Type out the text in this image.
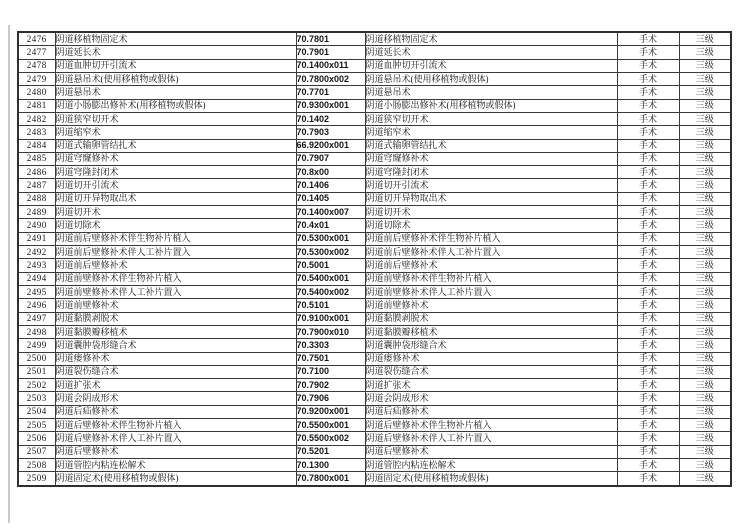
2476	阴道移植物固定术	70.7801	阴道移植物固定术	手术	三级
2477	阴道延长术	70.7901	阴道延长术	手术	三级
2478	阴道血肿切开引流术	70.1400x011	阴道血肿切开引流术	手术	三级
2479	阴道悬吊术(使用移植物或假体)	70.7800x002	阴道悬吊术(使用移植物或假体)	手术	三级
2480	阴道悬吊术	70.7701	阴道悬吊术	手术	三级
2481	阴道小肠膨出修补术(用移植物或假体)	70.9300x001	阴道小肠膨出修补术(用移植物或假体)	手术	三级
2482	阴道狭窄切开术	70.1402	阴道狭窄切开术	手术	三级
2483	阴道缩窄术	70.7903	阴道缩窄术	手术	三级
2484	阴道式输卵管结扎术	66.9200x001	阴道式输卵管结扎术	手术	三级
2485	阴道穹窿修补术	70.7907	阴道穹窿修补术	手术	三级
2486	阴道穹隆封闭术	70.8x00	阴道穹隆封闭术	手术	三级
2487	阴道切开引流术	70.1406	阴道切开引流术	手术	三级
2488	阴道切开异物取出术	70.1405	阴道切开异物取出术	手术	三级
2489	阴道切开术	70.1400x007	阴道切开术	手术	三级
2490	阴道切除术	70.4x01	阴道切除术	手术	三级
2491	阴道前后壁修补术伴生物补片植入	70.5300x001	阴道前后壁修补术伴生物补片植入	手术	三级
2492	阴道前后壁修补术伴人工补片置入	70.5300x002	阴道前后壁修补术伴人工补片置入	手术	三级
2493	阴道前后壁修补术	70.5001	阴道前后壁修补术	手术	三级
2494	阴道前壁修补术伴生物补片植入	70.5400x001	阴道前壁修补术伴生物补片植入	手术	三级
2495	阴道前壁修补术伴人工补片置入	70.5400x002	阴道前壁修补术伴人工补片置入	手术	三级
2496	阴道前壁修补术	70.5101	阴道前壁修补术	手术	三级
2497	阴道黏膜剥脱术	70.9100x001	阴道黏膜剥脱术	手术	三级
2498	阴道黏膜瓣移植术	70.7900x010	阴道黏膜瓣移植术	手术	三级
2499	阴道囊肿袋形缝合术	70.3303	阴道囊肿袋形缝合术	手术	三级
2500	阴道瘘修补术	70.7501	阴道瘘修补术	手术	三级
2501	阴道裂伤缝合术	70.7100	阴道裂伤缝合术	手术	三级
2502	阴道扩张术	70.7902	阴道扩张术	手术	三级
2503	阴道会阴成形术	70.7906	阴道会阴成形术	手术	三级
2504	阴道后疝修补术	70.9200x001	阴道后疝修补术	手术	三级
2505	阴道后壁修补术伴生物补片植入	70.5500x001	阴道后壁修补术伴生物补片植入	手术	三级
2506	阴道后壁修补术伴人工补片置入	70.5500x002	阴道后壁修补术伴人工补片置入	手术	三级
2507	阴道后壁修补术	70.5201	阴道后壁修补术	手术	三级
2508	阴道管腔内粘连松解术	70.1300	阴道管腔内粘连松解术	手术	三级
2509	阴道固定术(使用移植物或假体)	70.7800x001	阴道固定术(使用移植物或假体)	手术	三级
